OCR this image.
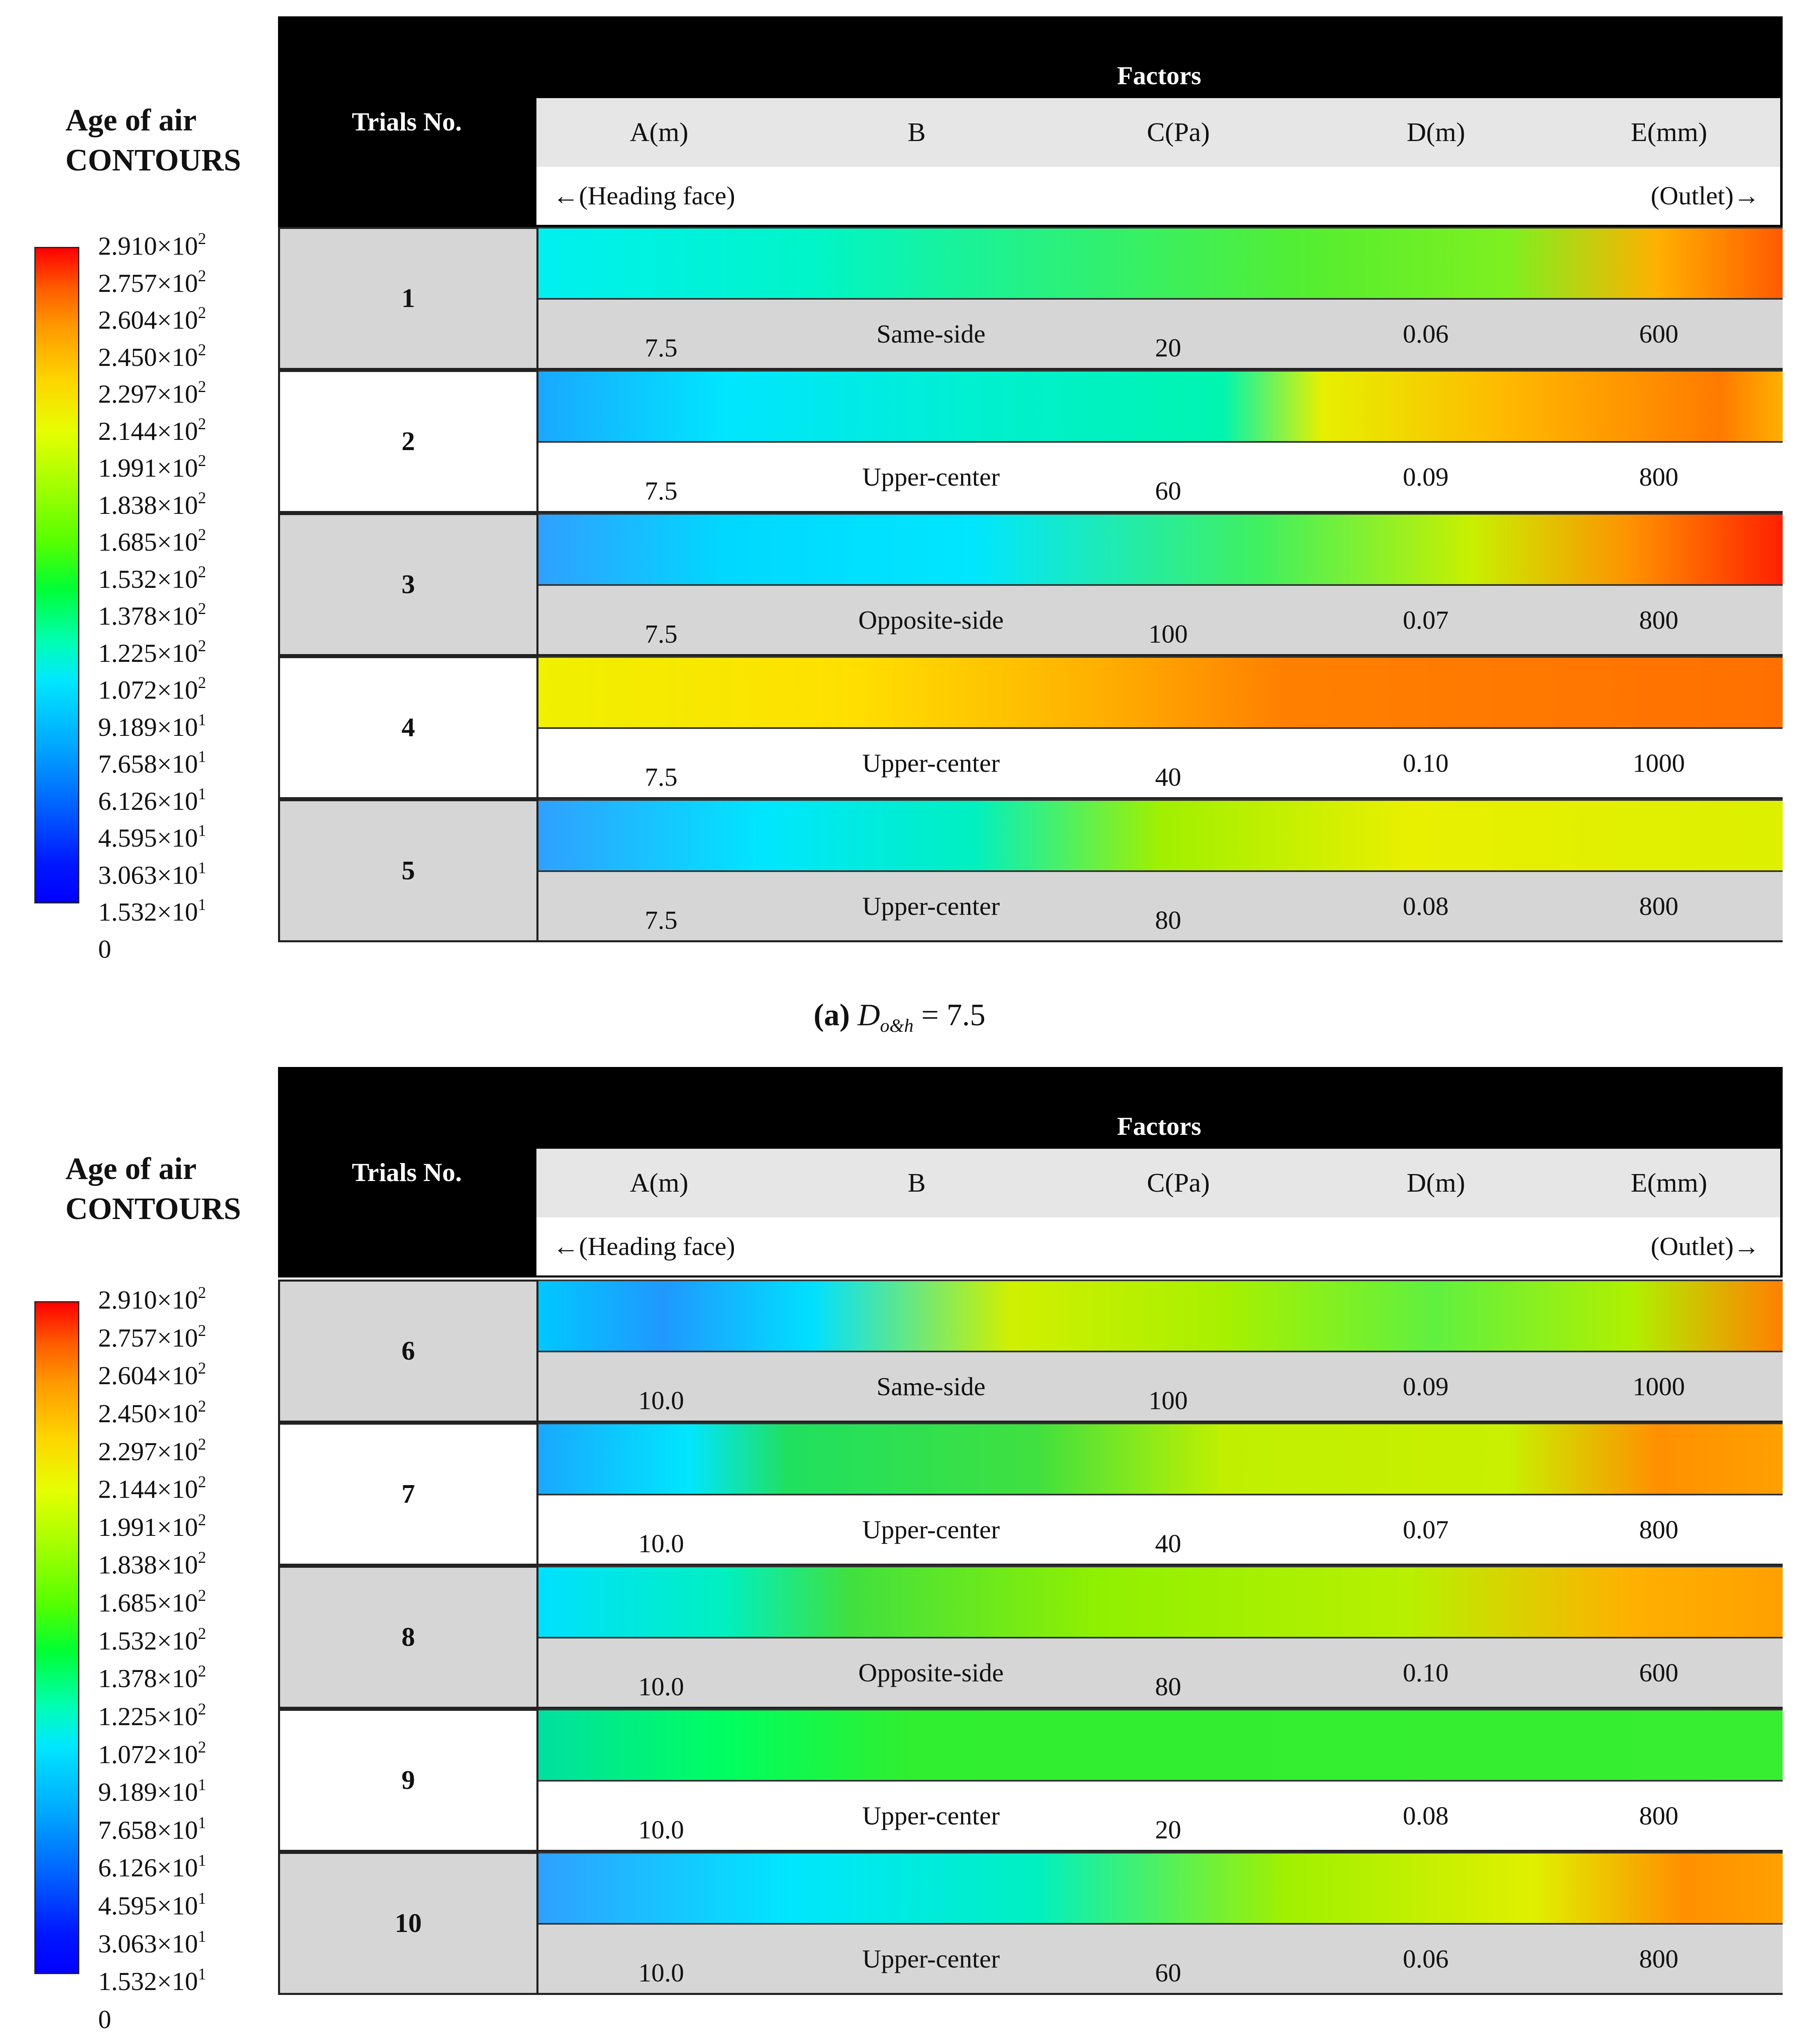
Age of air
CONTOURS
$2.910\times 10^2$
$2.757\times 10^2$
$2.604\times 10^2$
$2.450\times 10^2$
$2.297\times 10^2$
$2.144\times 10^2$
$1.991\times 10^2$
$1.838\times 10^2$
$1.685\times 10^2$
$1.532\times 10^2$
$1.378\times 10^2$
$1.225\times 10^2$
$1.072\times 10^2$
$9.189\times 10^1$
$7.658\times 10^1$
$6.126\times 10^1$
$4.595\times 10^1$
$3.063\times 10^1$
$1.532\times 10^1$
0
Trials No.
Factors
A(m)	B	C(Pa)	D(m)	E(mm)
←(Heading face)	(Outlet)→
1
7.5	Same-side	20	0.06	600
2
7.5	Upper-center	60	0.09	800
3
7.5	Opposite-side	100	0.07	800
4
7.5	Upper-center	40	0.10	1000
5
7.5	Upper-center	80	0.08	800
(a) $D_{o\&h} = 7.5$
Age of air
CONTOURS
$2.910\times 10^2$
$2.757\times 10^2$
$2.604\times 10^2$
$2.450\times 10^2$
$2.297\times 10^2$
$2.144\times 10^2$
$1.991\times 10^2$
$1.838\times 10^2$
$1.685\times 10^2$
$1.532\times 10^2$
$1.378\times 10^2$
$1.225\times 10^2$
$1.072\times 10^2$
$9.189\times 10^1$
$7.658\times 10^1$
$6.126\times 10^1$
$4.595\times 10^1$
$3.063\times 10^1$
$1.532\times 10^1$
0
Trials No.
Factors
A(m)	B	C(Pa)	D(m)	E(mm)
←(Heading face)	(Outlet)→
6
10.0	Same-side	100	0.09	1000
7
10.0	Upper-center	40	0.07	800
8
10.0	Opposite-side	80	0.10	600
9
10.0	Upper-center	20	0.08	800
10
10.0	Upper-center	60	0.06	800
